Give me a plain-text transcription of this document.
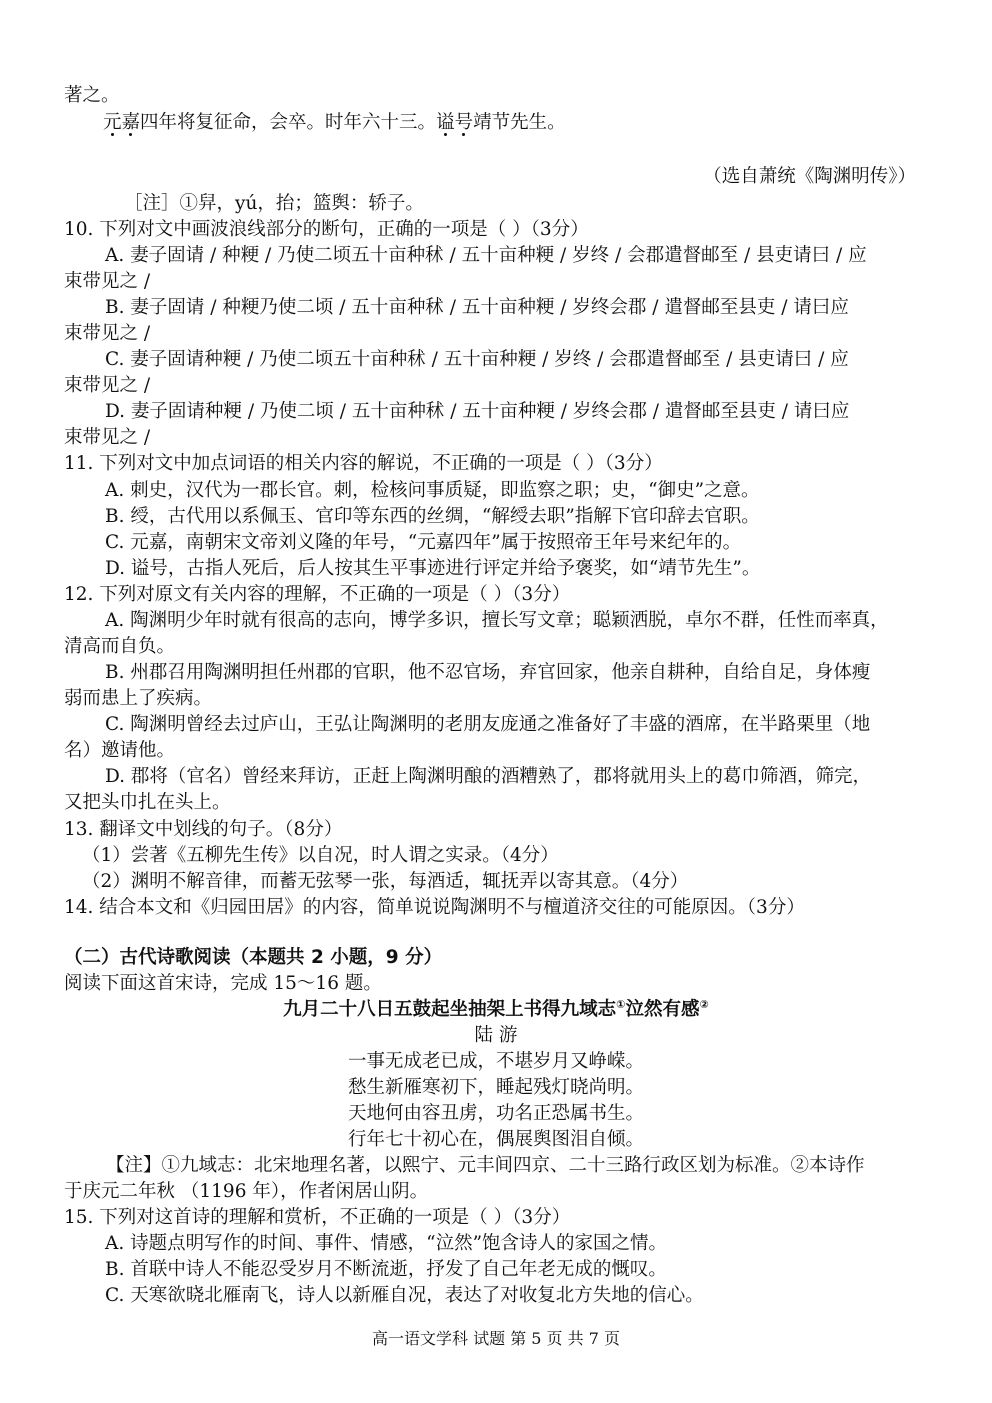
著之。
元嘉四年将复征命，会卒。时年六十三。谥号靖节先生。
（选自萧统《陶渊明传》）
［注］①舁，yú，抬；篮舆：轿子。
10. 下列对文中画波浪线部分的断句，正确的一项是（ ）（3分）
A. 妻子固请 / 种粳 / 乃使二顷五十亩种秫 / 五十亩种粳 / 岁终 / 会郡遣督邮至 / 县吏请曰 / 应
束带见之 /
B. 妻子固请 / 种粳乃使二顷 / 五十亩种秫 / 五十亩种粳 / 岁终会郡 / 遣督邮至县吏 / 请曰应
束带见之 /
C. 妻子固请种粳 / 乃使二顷五十亩种秫 / 五十亩种粳 / 岁终 / 会郡遣督邮至 / 县吏请曰 / 应
束带见之 /
D. 妻子固请种粳 / 乃使二顷 / 五十亩种秫 / 五十亩种粳 / 岁终会郡 / 遣督邮至县吏 / 请曰应
束带见之 /
11. 下列对文中加点词语的相关内容的解说，不正确的一项是（ ）（3分）
A. 刺史，汉代为一郡长官。刺，检核问事质疑，即监察之职；史，“御史”之意。
B. 绶，古代用以系佩玉、官印等东西的丝绸，“解绶去职”指解下官印辞去官职。
C. 元嘉，南朝宋文帝刘义隆的年号，“元嘉四年”属于按照帝王年号来纪年的。
D. 谥号，古指人死后，后人按其生平事迹进行评定并给予褒奖，如“靖节先生”。
12. 下列对原文有关内容的理解，不正确的一项是（ ）（3分）
A. 陶渊明少年时就有很高的志向，博学多识，擅长写文章；聪颖洒脱，卓尔不群，任性而率真，
清高而自负。
B. 州郡召用陶渊明担任州郡的官职，他不忍官场，弃官回家，他亲自耕种，自给自足，身体瘦
弱而患上了疾病。
C. 陶渊明曾经去过庐山，王弘让陶渊明的老朋友庞通之准备好了丰盛的酒席，在半路栗里（地
名）邀请他。
D. 郡将（官名）曾经来拜访，正赶上陶渊明酿的酒糟熟了，郡将就用头上的葛巾筛酒，筛完，
又把头巾扎在头上。
13. 翻译文中划线的句子。（8分）
（1）尝著《五柳先生传》以自况，时人谓之实录。（4分）
（2）渊明不解音律，而蓄无弦琴一张，每酒适，辄抚弄以寄其意。（4分）
14. 结合本文和《归园田居》的内容，简单说说陶渊明不与檀道济交往的可能原因。（3分）
（二）古代诗歌阅读（本题共 2 小题，9 分）
阅读下面这首宋诗，完成 15～16 题。
九月二十八日五鼓起坐抽架上书得九域志①泣然有感②
陆 游
一事无成老已成，不堪岁月又峥嵘。
愁生新雁寒初下，睡起残灯晓尚明。
天地何由容丑虏，功名正恐属书生。
行年七十初心在，偶展舆图泪自倾。
【注】①九域志：北宋地理名著，以熙宁、元丰间四京、二十三路行政区划为标准。②本诗作
于庆元二年秋 （1196 年），作者闲居山阴。
15. 下列对这首诗的理解和赏析，不正确的一项是（ ）（3分）
A. 诗题点明写作的时间、事件、情感，“泣然”饱含诗人的家国之情。
B. 首联中诗人不能忍受岁月不断流逝，抒发了自己年老无成的慨叹。
C. 天寒欲晓北雁南飞，诗人以新雁自况，表达了对收复北方失地的信心。
高一语文学科 试题 第 5 页 共 7 页
